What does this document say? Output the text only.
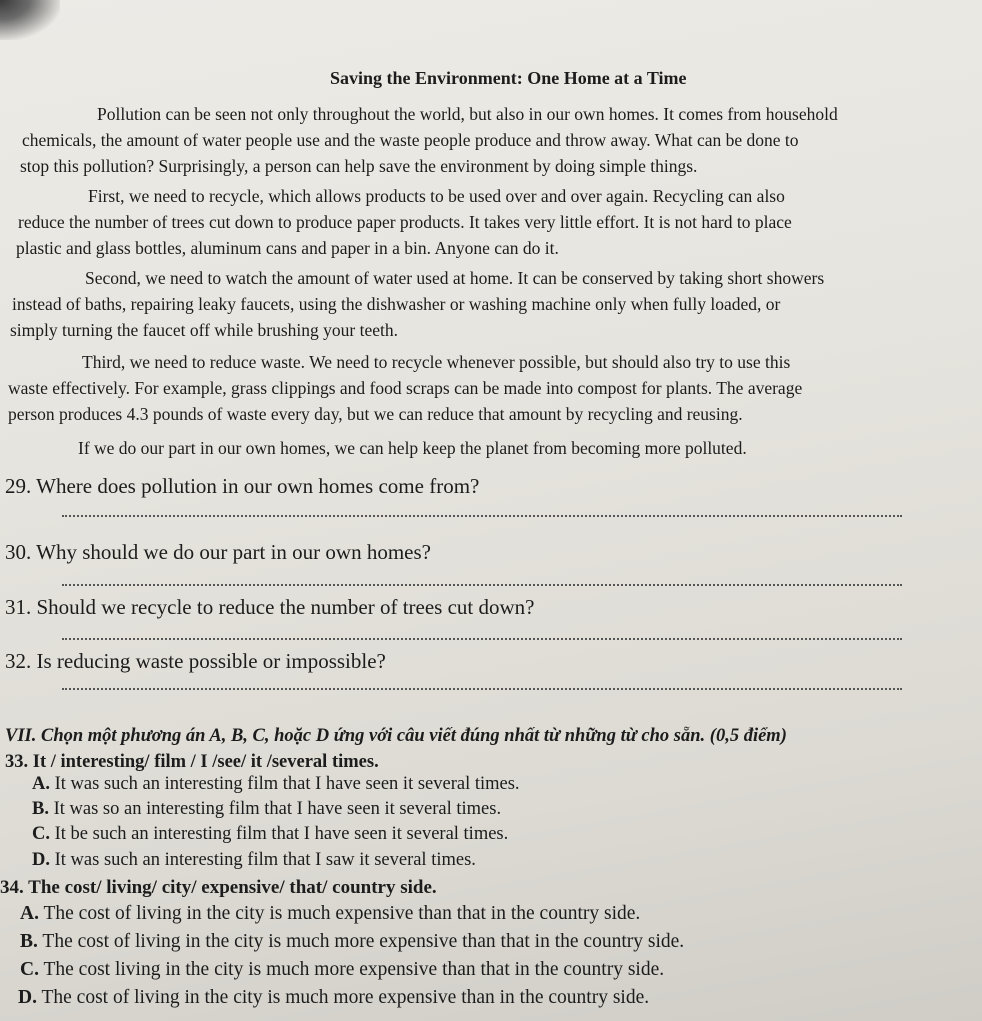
Saving the Environment: One Home at a Time
Pollution can be seen not only throughout the world, but also in our own homes. It comes from household
chemicals, the amount of water people use and the waste people produce and throw away. What can be done to
stop this pollution? Surprisingly, a person can help save the environment by doing simple things.
First, we need to recycle, which allows products to be used over and over again. Recycling can also
reduce the number of trees cut down to produce paper products. It takes very little effort. It is not hard to place
plastic and glass bottles, aluminum cans and paper in a bin. Anyone can do it.
Second, we need to watch the amount of water used at home. It can be conserved by taking short showers
instead of baths, repairing leaky faucets, using the dishwasher or washing machine only when fully loaded, or
simply turning the faucet off while brushing your teeth.
Third, we need to reduce waste. We need to recycle whenever possible, but should also try to use this
waste effectively. For example, grass clippings and food scraps can be made into compost for plants. The average
person produces 4.3 pounds of waste every day, but we can reduce that amount by recycling and reusing.
If we do our part in our own homes, we can help keep the planet from becoming more polluted.
29. Where does pollution in our own homes come from?
30. Why should we do our part in our own homes?
31. Should we recycle to reduce the number of trees cut down?
32. Is reducing waste possible or impossible?
VII. Chọn một phương án A, B, C, hoặc D ứng với câu viết đúng nhất từ những từ cho sẵn. (0,5 điểm)
33. It / interesting/ film / I /see/ it /several times.
A. It was such an interesting film that I have seen it several times.
B. It was so an interesting film that I have seen it several times.
C. It be such an interesting film that I have seen it several times.
D. It was such an interesting film that I saw it several times.
34. The cost/ living/ city/ expensive/ that/ country side.
A. The cost of living in the city is much expensive than that in the country side.
B. The cost of living in the city is much more expensive than that in the country side.
C. The cost living in the city is much more expensive than that in the country side.
D. The cost of living in the city is much more expensive than in the country side.
